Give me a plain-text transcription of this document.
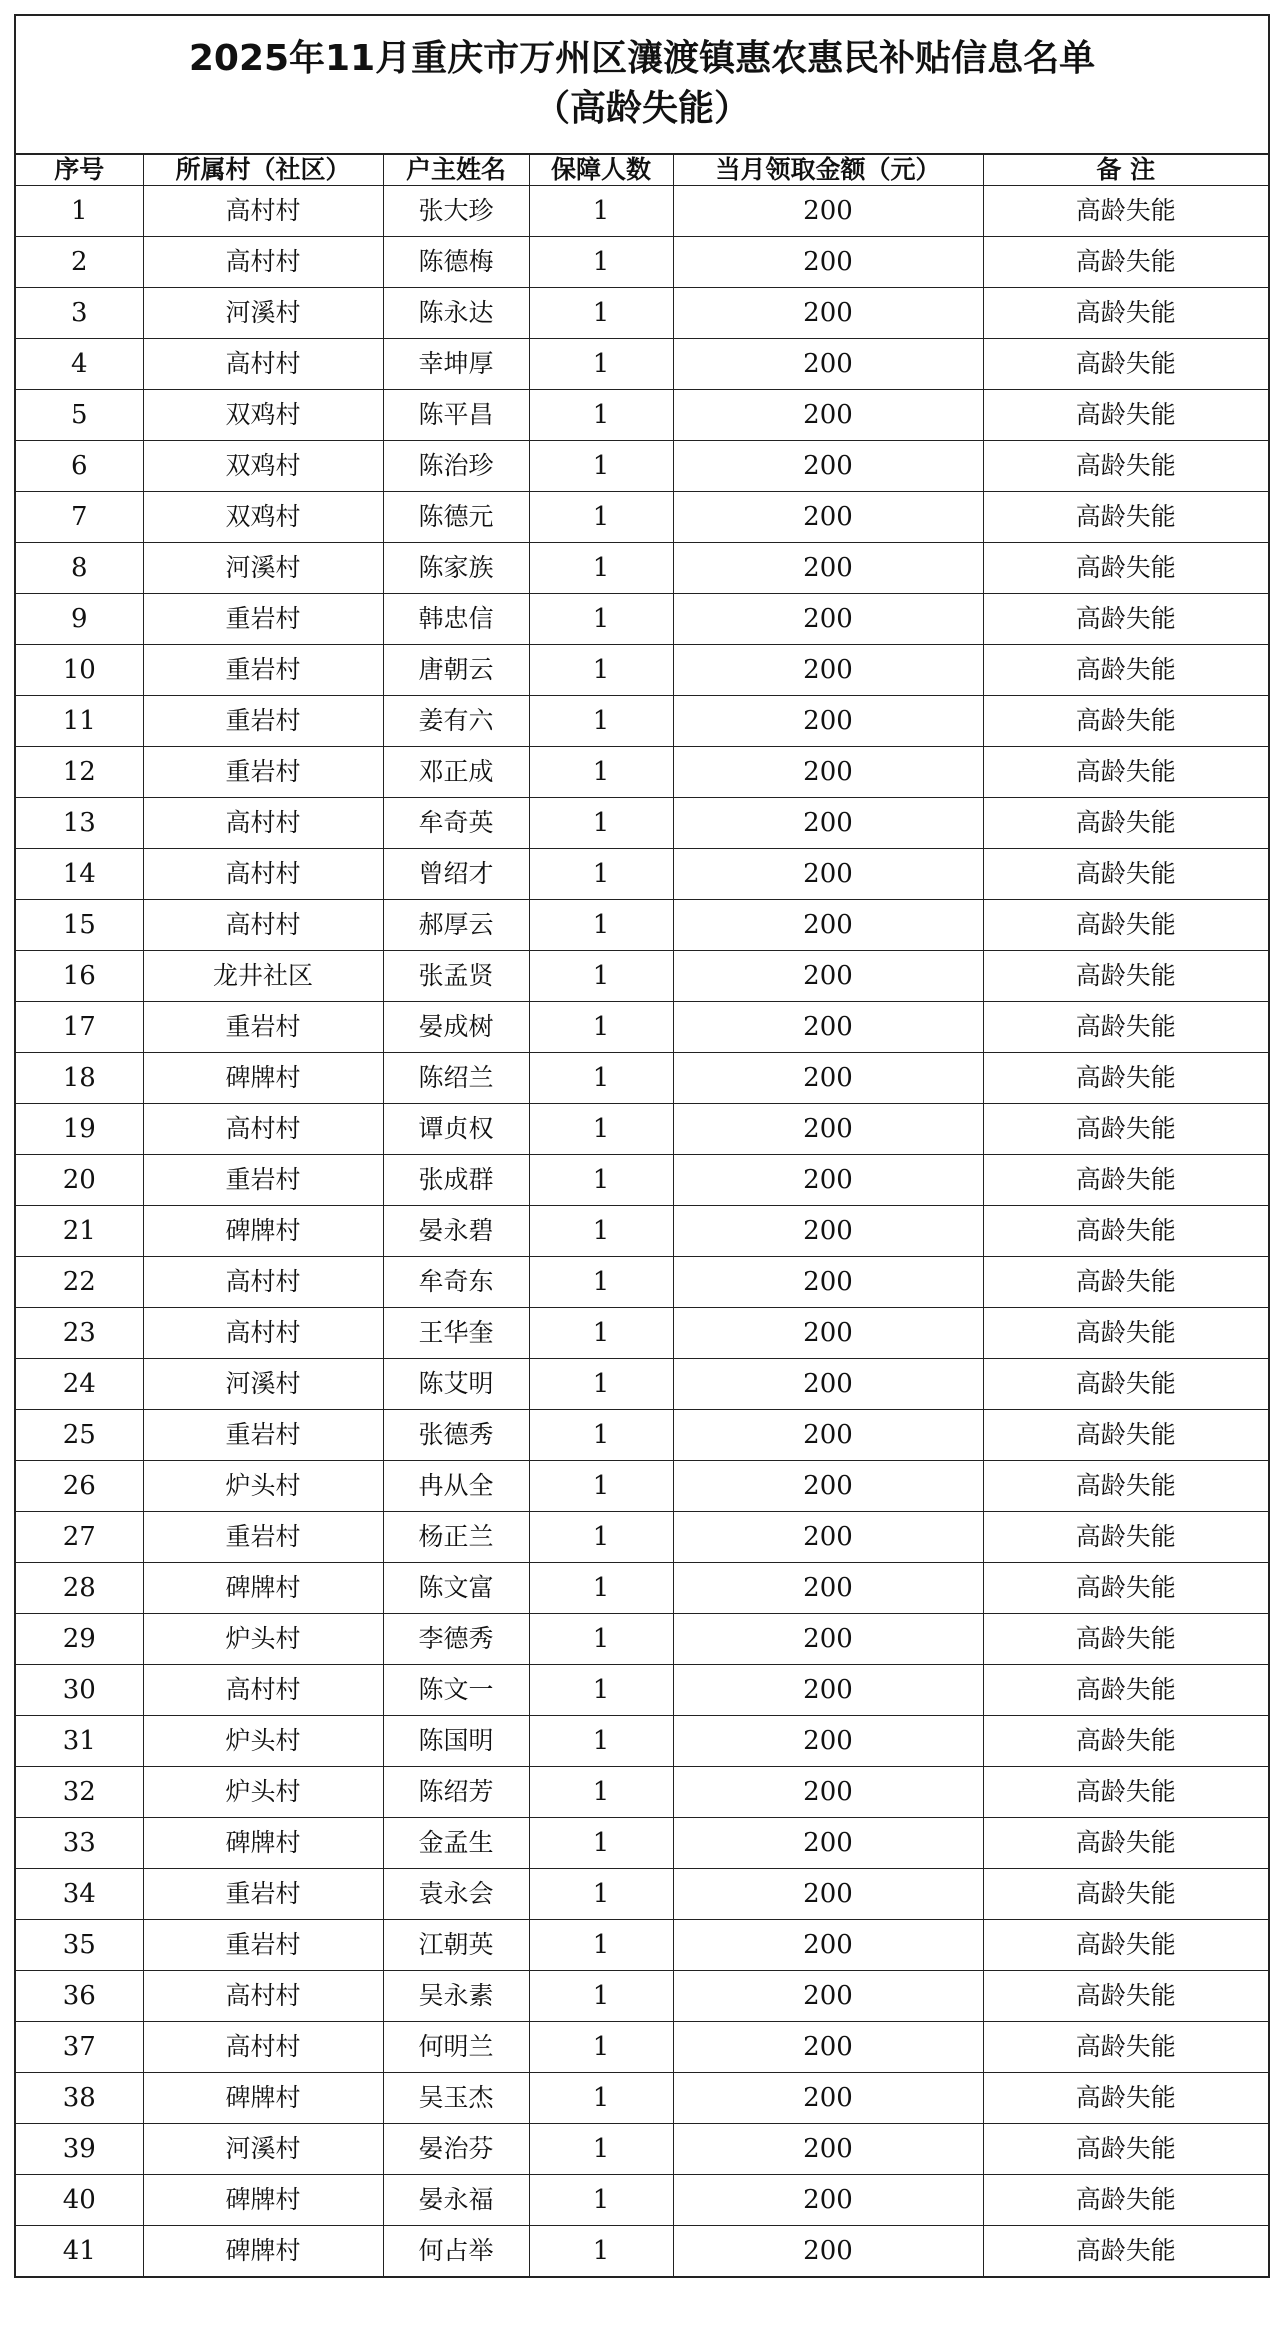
2025年11月重庆市万州区瀼渡镇惠农惠民补贴信息名单
（高龄失能）
序号	所属村（社区）	户主姓名	保障人数	当月领取金额（元）	备 注
1	高村村	张大珍	1	200	高龄失能
2	高村村	陈德梅	1	200	高龄失能
3	河溪村	陈永达	1	200	高龄失能
4	高村村	幸坤厚	1	200	高龄失能
5	双鸡村	陈平昌	1	200	高龄失能
6	双鸡村	陈治珍	1	200	高龄失能
7	双鸡村	陈德元	1	200	高龄失能
8	河溪村	陈家族	1	200	高龄失能
9	重岩村	韩忠信	1	200	高龄失能
10	重岩村	唐朝云	1	200	高龄失能
11	重岩村	姜有六	1	200	高龄失能
12	重岩村	邓正成	1	200	高龄失能
13	高村村	牟奇英	1	200	高龄失能
14	高村村	曾绍才	1	200	高龄失能
15	高村村	郝厚云	1	200	高龄失能
16	龙井社区	张孟贤	1	200	高龄失能
17	重岩村	晏成树	1	200	高龄失能
18	碑牌村	陈绍兰	1	200	高龄失能
19	高村村	谭贞权	1	200	高龄失能
20	重岩村	张成群	1	200	高龄失能
21	碑牌村	晏永碧	1	200	高龄失能
22	高村村	牟奇东	1	200	高龄失能
23	高村村	王华奎	1	200	高龄失能
24	河溪村	陈艾明	1	200	高龄失能
25	重岩村	张德秀	1	200	高龄失能
26	炉头村	冉从全	1	200	高龄失能
27	重岩村	杨正兰	1	200	高龄失能
28	碑牌村	陈文富	1	200	高龄失能
29	炉头村	李德秀	1	200	高龄失能
30	高村村	陈文一	1	200	高龄失能
31	炉头村	陈国明	1	200	高龄失能
32	炉头村	陈绍芳	1	200	高龄失能
33	碑牌村	金孟生	1	200	高龄失能
34	重岩村	袁永会	1	200	高龄失能
35	重岩村	江朝英	1	200	高龄失能
36	高村村	吴永素	1	200	高龄失能
37	高村村	何明兰	1	200	高龄失能
38	碑牌村	吴玉杰	1	200	高龄失能
39	河溪村	晏治芬	1	200	高龄失能
40	碑牌村	晏永福	1	200	高龄失能
41	碑牌村	何占举	1	200	高龄失能
